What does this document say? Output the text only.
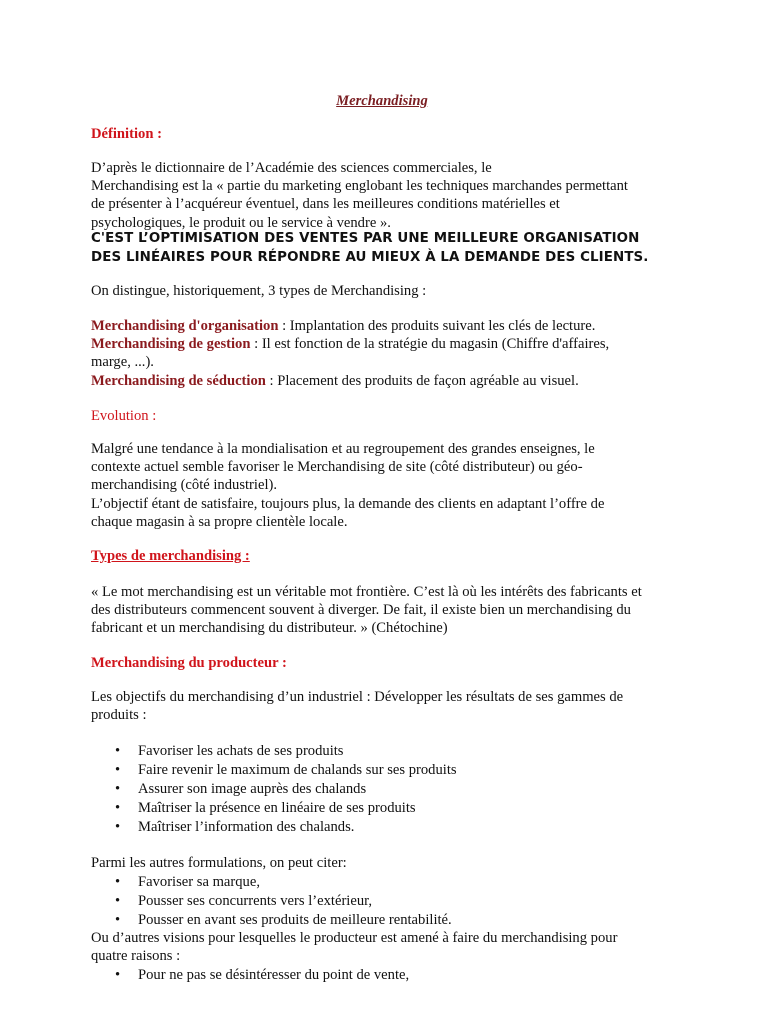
Merchandising

Définition :

D’après le dictionnaire de l’Académie des sciences commerciales, le

Merchandising est la « partie du marketing englobant les techniques marchandes permettant

de présenter à l’acquéreur éventuel, dans les meilleures conditions matérielles et

psychologiques, le produit ou le service à vendre ».

C'EST L’OPTIMISATION DES VENTES PAR UNE MEILLEURE ORGANISATION

DES LINÉAIRES POUR RÉPONDRE AU MIEUX À LA DEMANDE DES CLIENTS.

On distingue, historiquement, 3 types de Merchandising :

Merchandising d'organisation : Implantation des produits suivant les clés de lecture.

Merchandising de gestion : Il est fonction de la stratégie du magasin (Chiffre d'affaires,

marge, ...).

Merchandising de séduction : Placement des produits de façon agréable au visuel.

Evolution :

Malgré une tendance à la mondialisation et au regroupement des grandes enseignes, le

contexte actuel semble favoriser le Merchandising de site (côté distributeur) ou géo-

merchandising (côté industriel).

L’objectif étant de satisfaire, toujours plus, la demande des clients en adaptant l’offre de

chaque magasin à sa propre clientèle locale.

Types de merchandising :

« Le mot merchandising est un véritable mot frontière. C’est là où les intérêts des fabricants et

des distributeurs commencent souvent à diverger. De fait, il existe bien un merchandising du

fabricant et un merchandising du distributeur. » (Chétochine)

Merchandising du producteur :

Les objectifs du merchandising d’un industriel : Développer les résultats de ses gammes de

produits :

• Favoriser les achats de ses produits
• Faire revenir le maximum de chalands sur ses produits
• Assurer son image auprès des chalands
• Maîtriser la présence en linéaire de ses produits
• Maîtriser l’information des chalands.

Parmi les autres formulations, on peut citer:

• Favoriser sa marque,
• Pousser ses concurrents vers l’extérieur,
• Pousser en avant ses produits de meilleure rentabilité.

Ou d’autres visions pour lesquelles le producteur est amené à faire du merchandising pour

quatre raisons :

• Pour ne pas se désintéresser du point de vente,
